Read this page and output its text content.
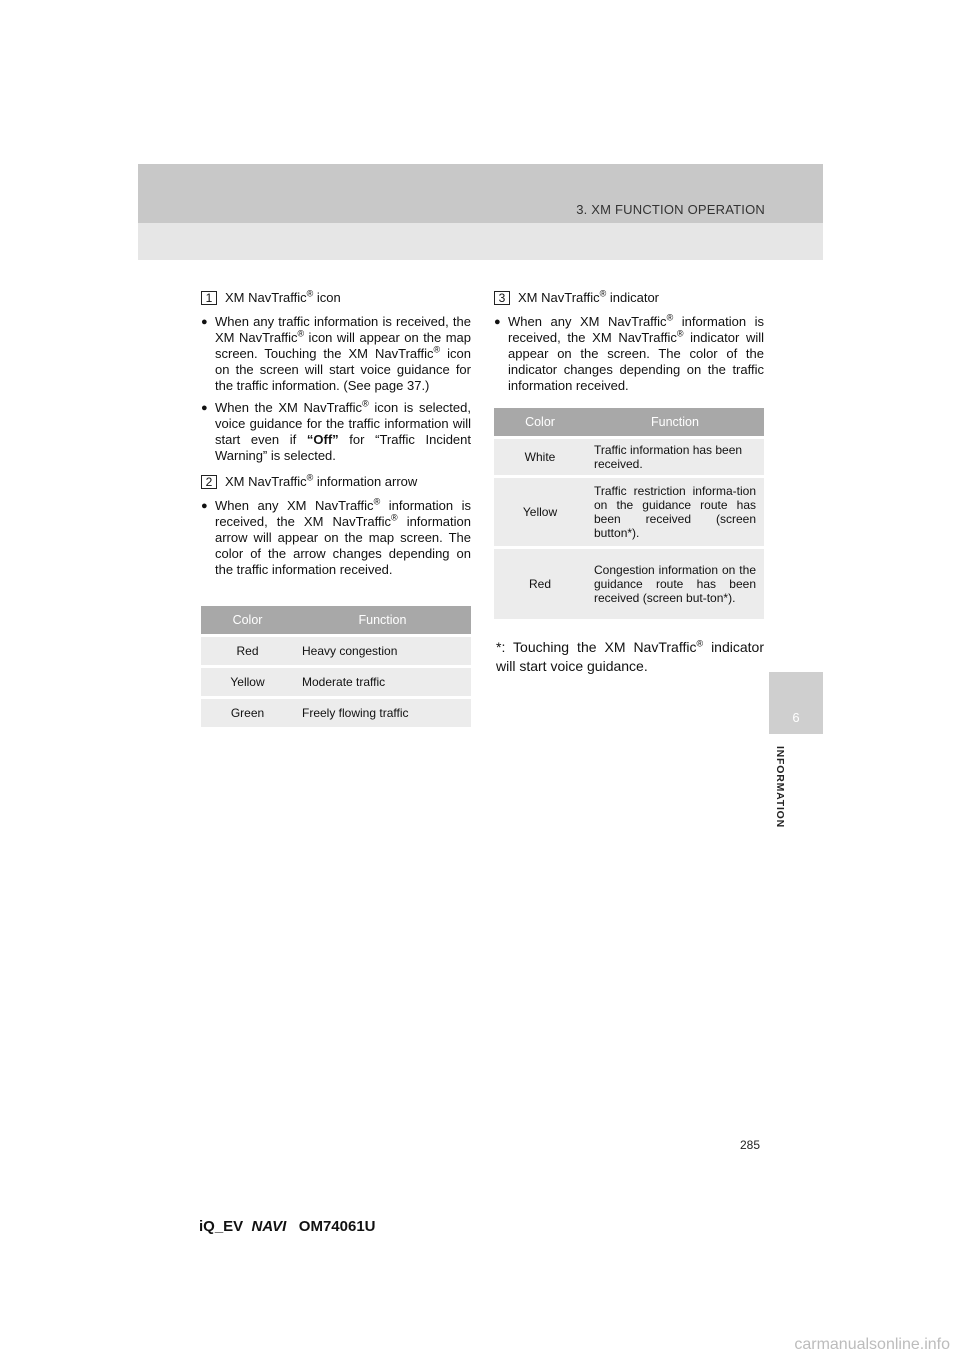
3. XM FUNCTION OPERATION
6
INFORMATION
1 XM NavTraffic® icon
● When any traffic information is received, the XM NavTraffic® icon will appear on the map screen. Touching the XM NavTraffic® icon on the screen will start voice guidance for the traffic information. (See page 37.)
● When the XM NavTraffic® icon is selected, voice guidance for the traffic information will start even if “Off” for “Traffic Incident Warning” is selected.
2 XM NavTraffic® information arrow
● When any XM NavTraffic® information is received, the XM NavTraffic® information arrow will appear on the map screen. The color of the arrow changes depending on the traffic information received.
Color	Function
Red	Heavy congestion
Yellow	Moderate traffic
Green	Freely flowing traffic
3 XM NavTraffic® indicator
● When any XM NavTraffic® information is received, the XM NavTraffic® indicator will appear on the screen. The color of the indicator changes depending on the traffic information received.
Color	Function
White	Traffic information has been received.
Yellow	Traffic restriction informa-tion on the guidance route has been received (screen button*).
Red	Congestion information on the guidance route has been received (screen but-ton*).
*: Touching the XM NavTraffic® indicator will start voice guidance.
285
iQ_EV NAVI OM74061U
carmanualsonline.info
